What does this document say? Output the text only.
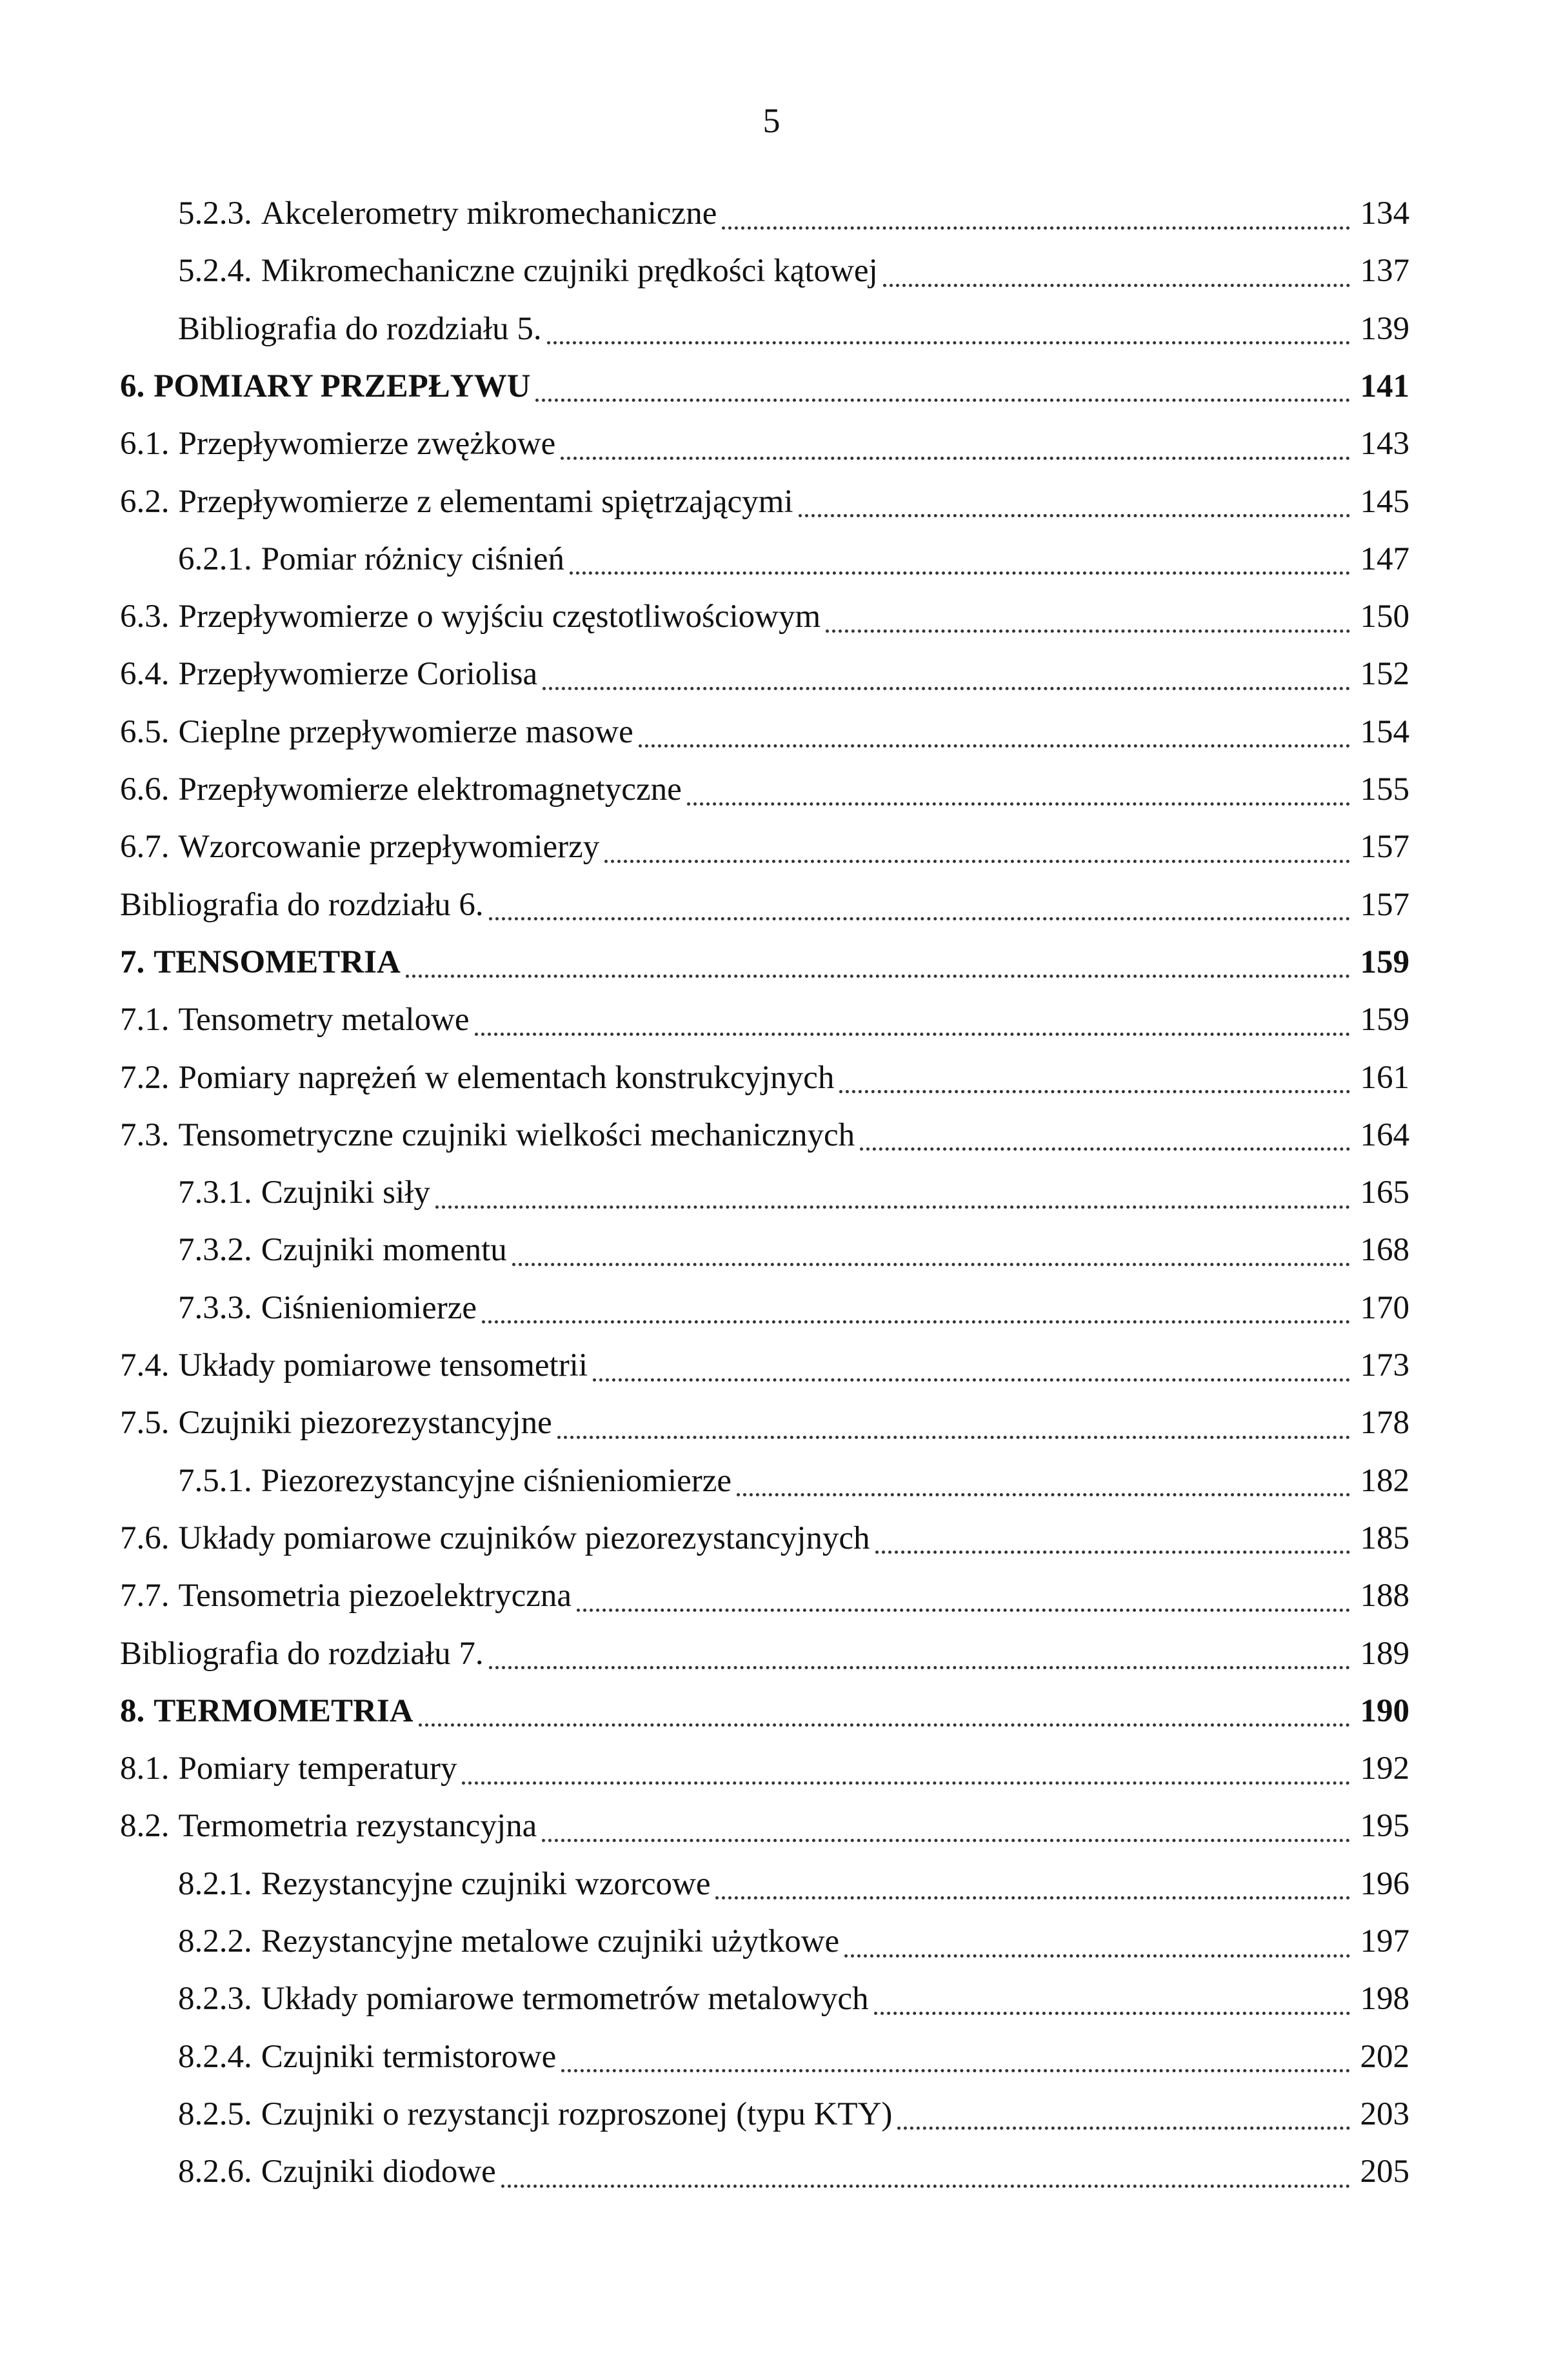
5
5.2.3. Akcelerometry mikromechaniczne	134
5.2.4. Mikromechaniczne czujniki prędkości kątowej	137
Bibliografia do rozdziału 5.	139
6. POMIARY PRZEPŁYWU	141
6.1. Przepływomierze zwężkowe	143
6.2. Przepływomierze z elementami spiętrzającymi	145
6.2.1. Pomiar różnicy ciśnień	147
6.3. Przepływomierze o wyjściu częstotliwościowym	150
6.4. Przepływomierze Coriolisa	152
6.5. Cieplne przepływomierze masowe	154
6.6. Przepływomierze elektromagnetyczne	155
6.7. Wzorcowanie przepływomierzy	157
Bibliografia do rozdziału 6.	157
7. TENSOMETRIA	159
7.1. Tensometry metalowe	159
7.2. Pomiary naprężeń w elementach konstrukcyjnych	161
7.3. Tensometryczne czujniki wielkości mechanicznych	164
7.3.1. Czujniki siły	165
7.3.2. Czujniki momentu	168
7.3.3. Ciśnieniomierze	170
7.4. Układy pomiarowe tensometrii	173
7.5. Czujniki piezorezystancyjne	178
7.5.1. Piezorezystancyjne ciśnieniomierze	182
7.6. Układy pomiarowe czujników piezorezystancyjnych	185
7.7. Tensometria piezoelektryczna	188
Bibliografia do rozdziału 7.	189
8. TERMOMETRIA	190
8.1. Pomiary temperatury	192
8.2. Termometria rezystancyjna	195
8.2.1. Rezystancyjne czujniki wzorcowe	196
8.2.2. Rezystancyjne metalowe czujniki użytkowe	197
8.2.3. Układy pomiarowe termometrów metalowych	198
8.2.4. Czujniki termistorowe	202
8.2.5. Czujniki o rezystancji rozproszonej (typu KTY)	203
8.2.6. Czujniki diodowe	205
